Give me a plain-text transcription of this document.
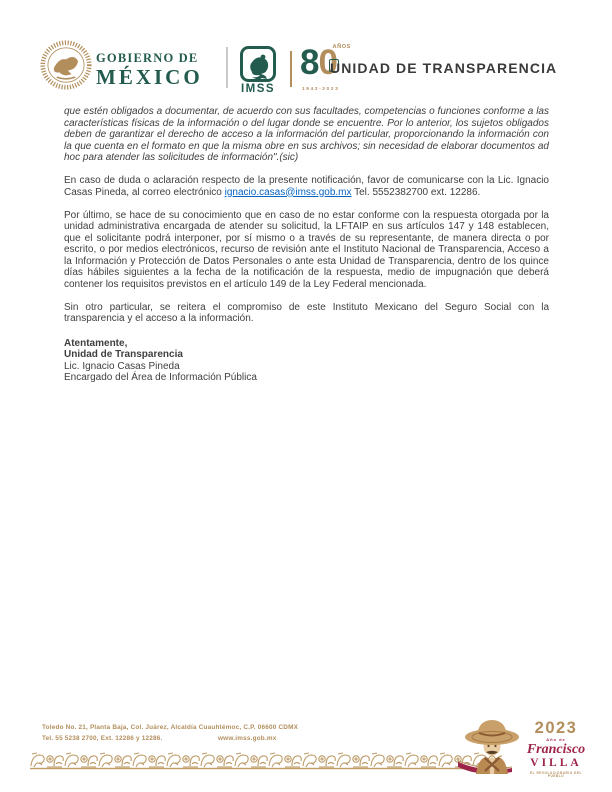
GOBIERNO DE
MÉXICO
IMSS
80
AÑOS
1943-2023
UNIDAD DE TRANSPARENCIA

que estén obligados a documentar, de acuerdo con sus facultades, competencias o funciones conforme a las características físicas de la información o del lugar donde se encuentre. Por lo anterior, los sujetos obligados deben de garantizar el derecho de acceso a la información del particular, proporcionando la información con la que cuenta en el formato en que la misma obre en sus archivos; sin necesidad de elaborar documentos ad hoc para atender las solicitudes de información".(sic)

En caso de duda o aclaración respecto de la presente notificación, favor de comunicarse con la Lic. Ignacio Casas Pineda, al correo electrónico ignacio.casas@imss.gob.mx Tel. 5552382700 ext. 12286.

Por último, se hace de su conocimiento que en caso de no estar conforme con la respuesta otorgada por la unidad administrativa encargada de atender su solicitud, la LFTAIP en sus artículos 147 y 148 establecen, que el solicitante podrá interponer, por sí mismo o a través de su representante, de manera directa o por escrito, o por medios electrónicos, recurso de revisión ante el Instituto Nacional de Transparencia, Acceso a la Información y Protección de Datos Personales o ante esta Unidad de Transparencia, dentro de los quince días hábiles siguientes a la fecha de la notificación de la respuesta, medio de impugnación que deberá contener los requisitos previstos en el artículo 149 de la Ley Federal mencionada.

Sin otro particular, se reitera el compromiso de este Instituto Mexicano del Seguro Social con la transparencia y el acceso a la información.

Atentamente,
Unidad de Transparencia
Lic. Ignacio Casas Pineda
Encargado del Área de Información Pública
Toledo No. 21, Planta Baja, Col. Juárez, Alcaldía Cuauhtémoc, C.P. 06600 CDMX
Tel. 55 5238 2700, Ext. 12286 y 12286.	www.imss.gob.mx
2023
Año de
Francisco
VILLA
EL REVOLUCIONARIO DEL PUEBLO
